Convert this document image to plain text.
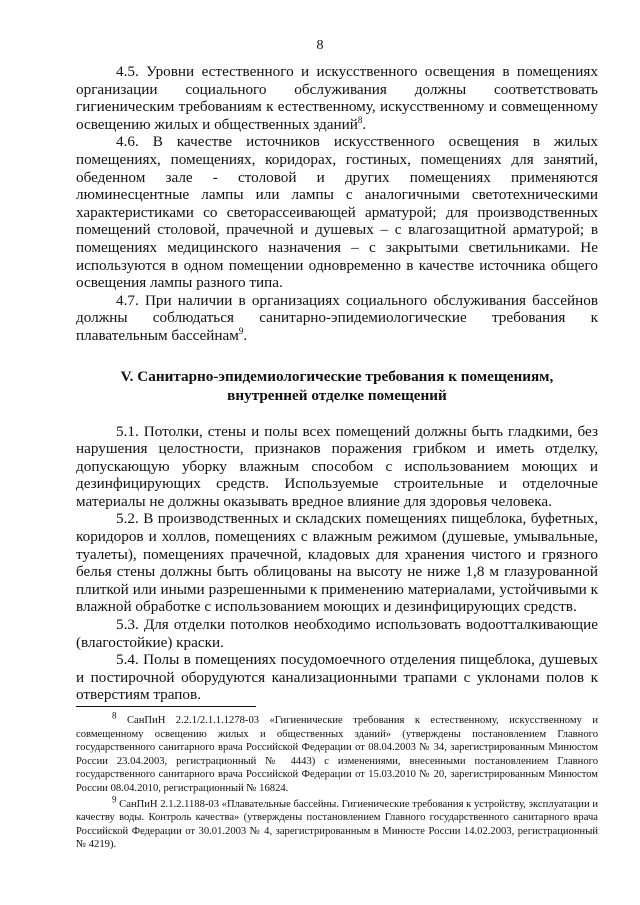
8

4.5. Уровни естественного и искусственного освещения в помещениях организации социального обслуживания должны соответствовать гигиеническим требованиям к естественному, искусственному и совмещенному освещению жилых и общественных зданий$^8$.

4.6. В качестве источников искусственного освещения в жилых помещениях, помещениях, коридорах, гостиных, помещениях для занятий, обеденном зале - столовой и других помещениях применяются люминесцентные лампы или лампы с аналогичными светотехническими характеристиками со светорассеивающей арматурой; для производственных помещений столовой, прачечной и душевых – с влагозащитной арматурой; в помещениях медицинского назначения – с закрытыми светильниками. Не используются в одном помещении одновременно в качестве источника общего освещения лампы разного типа.

4.7. При наличии в организациях социального обслуживания бассейнов должны соблюдаться санитарно-эпидемиологические требования к плавательным бассейнам$^9$.

V. Санитарно-эпидемиологические требования к помещениям,
внутренней отделке помещений

5.1. Потолки, стены и полы всех помещений должны быть гладкими, без нарушения целостности, признаков поражения грибком и иметь отделку, допускающую уборку влажным способом с использованием моющих и дезинфицирующих средств. Используемые строительные и отделочные материалы не должны оказывать вредное влияние для здоровья человека.

5.2. В производственных и складских помещениях пищеблока, буфетных, коридоров и холлов, помещениях с влажным режимом (душевые, умывальные, туалеты), помещениях прачечной, кладовых для хранения чистого и грязного белья стены должны быть облицованы на высоту не ниже 1,8 м глазурованной плиткой или иными разрешенными к применению материалами, устойчивыми к влажной обработке с использованием моющих и дезинфицирующих средств.

5.3. Для отделки потолков необходимо использовать водоотталкивающие (влагостойкие) краски.

5.4. Полы в помещениях посудомоечного отделения пищеблока, душевых и постирочной оборудуются канализационными трапами с уклонами полов к отверстиям трапов.

$^8$ СанПиН 2.2.1/2.1.1.1278-03 «Гигиенические требования к естественному, искусственному и совмещенному освещению жилых и общественных зданий» (утверждены постановлением Главного государственного санитарного врача Российской Федерации от 08.04.2003 № 34, зарегистрированным Минюстом России 23.04.2003, регистрационный № 4443) с изменениями, внесенными постановлением Главного государственного санитарного врача Российской Федерации от 15.03.2010 № 20, зарегистрированным Минюстом России 08.04.2010, регистрационный № 16824.

$^9$ СанПиН 2.1.2.1188-03 «Плавательные бассейны. Гигиенические требования к устройству, эксплуатации и качеству воды. Контроль качества» (утверждены постановлением Главного государственного санитарного врача Российской Федерации от 30.01.2003 № 4, зарегистрированным в Минюсте России 14.02.2003, регистрационный № 4219).
